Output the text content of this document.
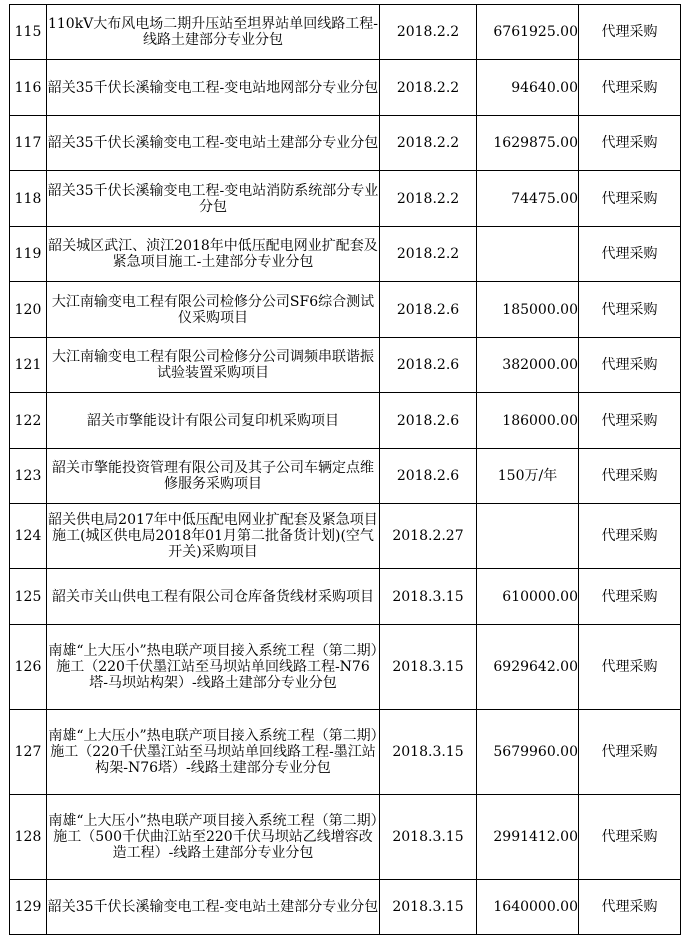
115	110kV大布风电场二期升压站至坦界站单回线路工程-线路土建部分专业分包	2018.2.2	6761925.00	代理采购
116	韶关35千伏长溪输变电工程-变电站地网部分专业分包	2018.2.2	94640.00	代理采购
117	韶关35千伏长溪输变电工程-变电站土建部分专业分包	2018.2.2	1629875.00	代理采购
118	韶关35千伏长溪输变电工程-变电站消防系统部分专业分包	2018.2.2	74475.00	代理采购
119	韶关城区武江、浈江2018年中低压配电网业扩配套及紧急项目施工-土建部分专业分包	2018.2.2		代理采购
120	大江南输变电工程有限公司检修分公司SF6综合测试仪采购项目	2018.2.6	185000.00	代理采购
121	大江南输变电工程有限公司检修分公司调频串联谐振试验装置采购项目	2018.2.6	382000.00	代理采购
122	韶关市擎能设计有限公司复印机采购项目	2018.2.6	186000.00	代理采购
123	韶关市擎能投资管理有限公司及其子公司车辆定点维修服务采购项目	2018.2.6	150万/年	代理采购
124	韶关供电局2017年中低压配电网业扩配套及紧急项目施工(城区供电局2018年01月第二批备货计划)(空气开关)采购项目	2018.2.27		代理采购
125	韶关市关山供电工程有限公司仓库备货线材采购项目	2018.3.15	610000.00	代理采购
126	南雄“上大压小”热电联产项目接入系统工程（第二期）施工（220千伏墨江站至马坝站单回线路工程-N76塔-马坝站构架）-线路土建部分专业分包	2018.3.15	6929642.00	代理采购
127	南雄“上大压小”热电联产项目接入系统工程（第二期）施工（220千伏墨江站至马坝站单回线路工程-墨江站构架-N76塔）-线路土建部分专业分包	2018.3.15	5679960.00	代理采购
128	南雄“上大压小”热电联产项目接入系统工程（第二期）施工（500千伏曲江站至220千伏马坝站乙线增容改造工程）-线路土建部分专业分包	2018.3.15	2991412.00	代理采购
129	韶关35千伏长溪输变电工程-变电站土建部分专业分包	2018.3.15	1640000.00	代理采购
